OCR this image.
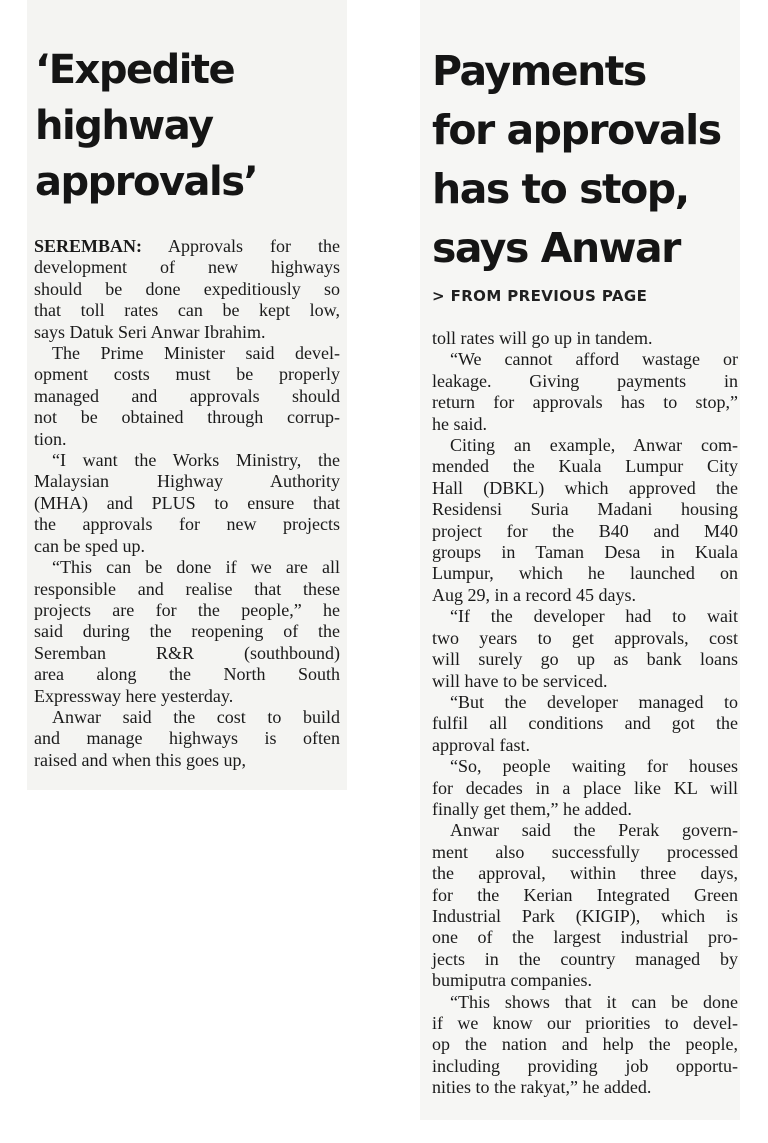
‘Expedite
highway
approvals’
SEREMBAN: Approvals for the
development of new highways
should be done expeditiously so
that toll rates can be kept low,
says Datuk Seri Anwar Ibrahim.
The Prime Minister said devel-
opment costs must be properly
managed and approvals should
not be obtained through corrup-
tion.
“I want the Works Ministry, the
Malaysian Highway Authority
(MHA) and PLUS to ensure that
the approvals for new projects
can be sped up.
“This can be done if we are all
responsible and realise that these
projects are for the people,” he
said during the reopening of the
Seremban R&R (southbound)
area along the North South
Expressway here yesterday.
Anwar said the cost to build
and manage highways is often
raised and when this goes up,
Payments
for approvals
has to stop,
says Anwar
> FROM PREVIOUS PAGE
toll rates will go up in tandem.
“We cannot afford wastage or
leakage. Giving payments in
return for approvals has to stop,”
he said.
Citing an example, Anwar com-
mended the Kuala Lumpur City
Hall (DBKL) which approved the
Residensi Suria Madani housing
project for the B40 and M40
groups in Taman Desa in Kuala
Lumpur, which he launched on
Aug 29, in a record 45 days.
“If the developer had to wait
two years to get approvals, cost
will surely go up as bank loans
will have to be serviced.
“But the developer managed to
fulfil all conditions and got the
approval fast.
“So, people waiting for houses
for decades in a place like KL will
finally get them,” he added.
Anwar said the Perak govern-
ment also successfully processed
the approval, within three days,
for the Kerian Integrated Green
Industrial Park (KIGIP), which is
one of the largest industrial pro-
jects in the country managed by
bumiputra companies.
“This shows that it can be done
if we know our priorities to devel-
op the nation and help the people,
including providing job opportu-
nities to the rakyat,” he added.
